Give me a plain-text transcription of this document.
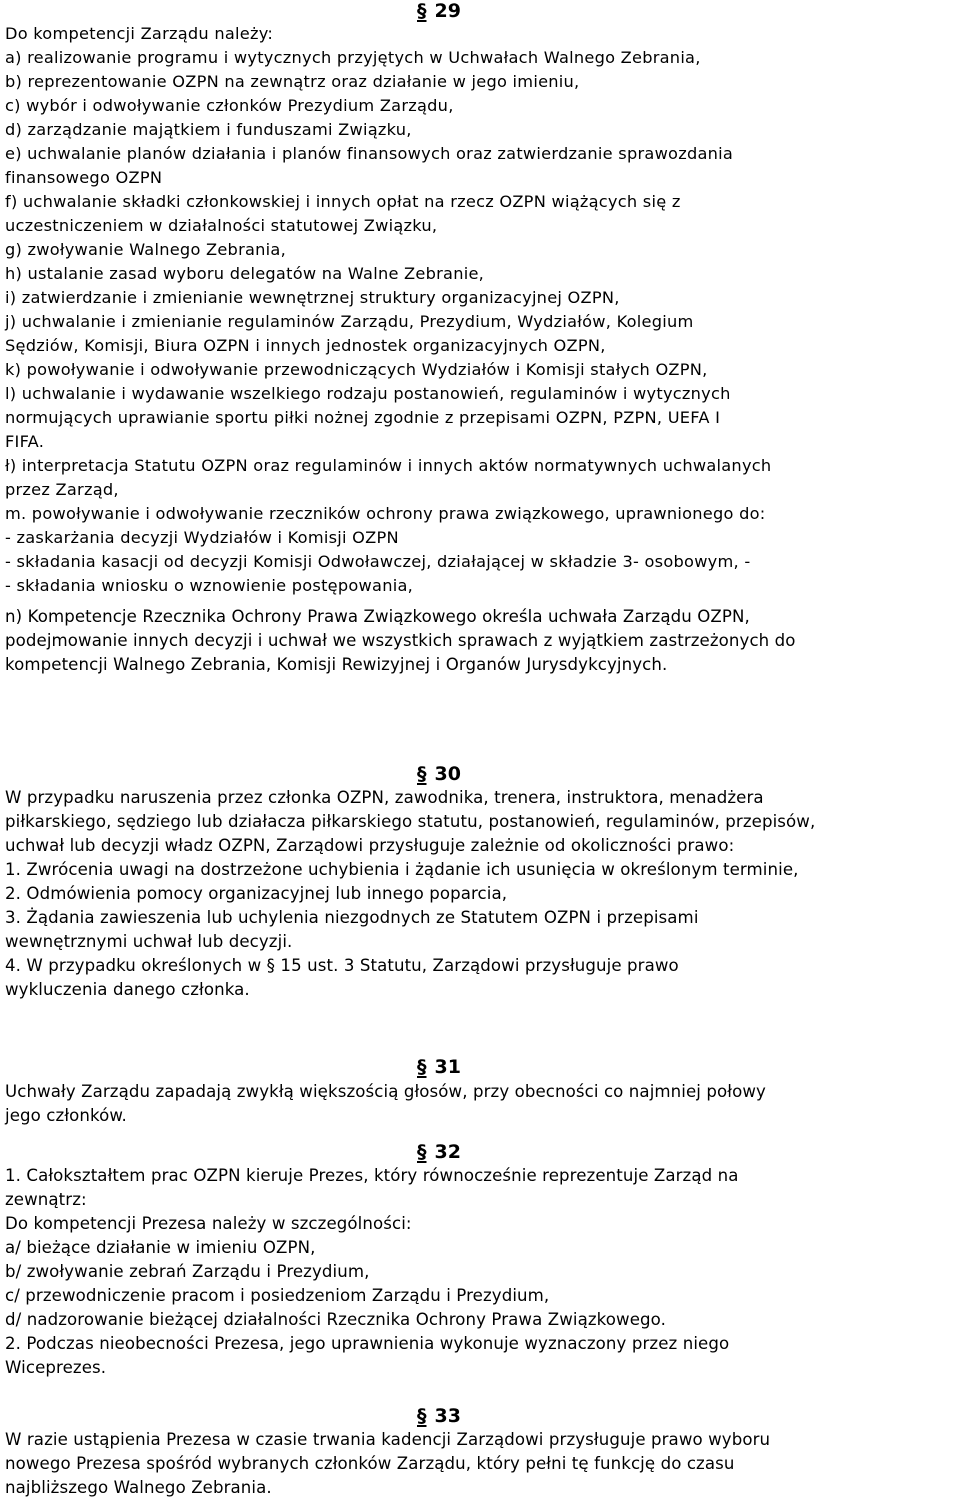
§ 29
Do kompetencji Zarządu należy:
a) realizowanie programu i wytycznych przyjętych w Uchwałach Walnego Zebrania,
b) reprezentowanie OZPN na zewnątrz oraz działanie w jego imieniu,
c) wybór i odwoływanie członków Prezydium Zarządu,
d) zarządzanie majątkiem i funduszami Związku,
e) uchwalanie planów działania i planów finansowych oraz zatwierdzanie sprawozdania
finansowego OZPN
f) uchwalanie składki członkowskiej i innych opłat na rzecz OZPN wiążących się z
uczestniczeniem w działalności statutowej Związku,
g) zwoływanie Walnego Zebrania,
h) ustalanie zasad wyboru delegatów na Walne Zebranie,
i) zatwierdzanie i zmienianie wewnętrznej struktury organizacyjnej OZPN,
j) uchwalanie i zmienianie regulaminów Zarządu, Prezydium, Wydziałów, Kolegium
Sędziów, Komisji, Biura OZPN i innych jednostek organizacyjnych OZPN,
k) powoływanie i odwoływanie przewodniczących Wydziałów i Komisji stałych OZPN,
l) uchwalanie i wydawanie wszelkiego rodzaju postanowień, regulaminów i wytycznych
normujących uprawianie sportu piłki nożnej zgodnie z przepisami OZPN, PZPN, UEFA I
FIFA.
ł) interpretacja Statutu OZPN oraz regulaminów i innych aktów normatywnych uchwalanych
przez Zarząd,
m. powoływanie i odwoływanie rzeczników ochrony prawa związkowego, uprawnionego do:
- zaskarżania decyzji Wydziałów i Komisji OZPN
- składania kasacji od decyzji Komisji Odwoławczej, działającej w składzie 3- osobowym, -
- składania wniosku o wznowienie postępowania,
n) Kompetencje Rzecznika Ochrony Prawa Związkowego określa uchwała Zarządu OZPN,
podejmowanie innych decyzji i uchwał we wszystkich sprawach z wyjątkiem zastrzeżonych do
kompetencji Walnego Zebrania, Komisji Rewizyjnej i Organów Jurysdykcyjnych.
§ 30
W przypadku naruszenia przez członka OZPN, zawodnika, trenera, instruktora, menadżera
piłkarskiego, sędziego lub działacza piłkarskiego statutu, postanowień, regulaminów, przepisów,
uchwał lub decyzji władz OZPN, Zarządowi przysługuje zależnie od okoliczności prawo:
1. Zwrócenia uwagi na dostrzeżone uchybienia i żądanie ich usunięcia w określonym terminie,
2. Odmówienia pomocy organizacyjnej lub innego poparcia,
3. Żądania zawieszenia lub uchylenia niezgodnych ze Statutem OZPN i przepisami
wewnętrznymi uchwał lub decyzji.
4. W przypadku określonych w § 15 ust. 3 Statutu, Zarządowi przysługuje prawo
wykluczenia danego członka.
§ 31
Uchwały Zarządu zapadają zwykłą większością głosów, przy obecności co najmniej połowy
jego członków.
§ 32
1. Całokształtem prac OZPN kieruje Prezes, który równocześnie reprezentuje Zarząd na
zewnątrz:
Do kompetencji Prezesa należy w szczególności:
a/ bieżące działanie w imieniu OZPN,
b/ zwoływanie zebrań Zarządu i Prezydium,
c/ przewodniczenie pracom i posiedzeniom Zarządu i Prezydium,
d/ nadzorowanie bieżącej działalności Rzecznika Ochrony Prawa Związkowego.
2. Podczas nieobecności Prezesa, jego uprawnienia wykonuje wyznaczony przez niego
Wiceprezes.
§ 33
W razie ustąpienia Prezesa w czasie trwania kadencji Zarządowi przysługuje prawo wyboru
nowego Prezesa spośród wybranych członków Zarządu, który pełni tę funkcję do czasu
najbliższego Walnego Zebrania.
